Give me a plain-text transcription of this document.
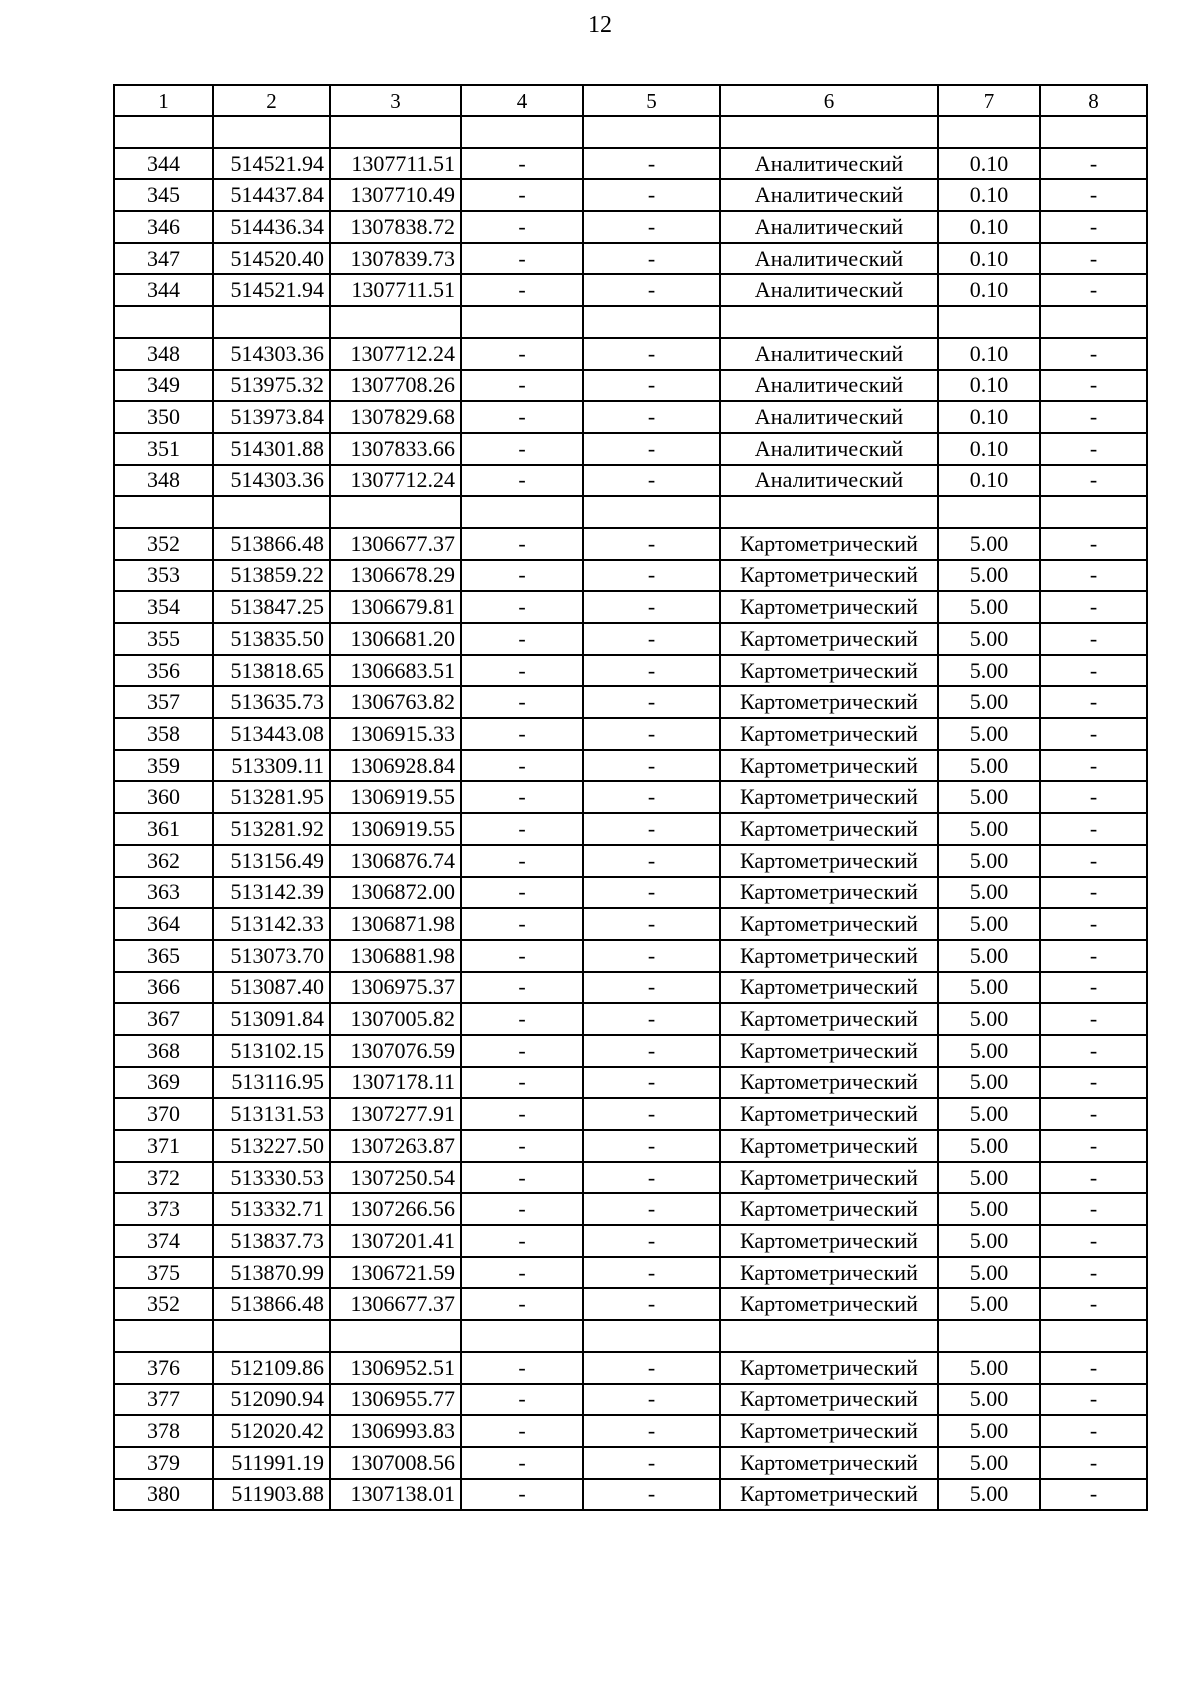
12
1	2	3	4	5	6	7	8

344	514521.94	1307711.51	-	-	Аналитический	0.10	-
345	514437.84	1307710.49	-	-	Аналитический	0.10	-
346	514436.34	1307838.72	-	-	Аналитический	0.10	-
347	514520.40	1307839.73	-	-	Аналитический	0.10	-
344	514521.94	1307711.51	-	-	Аналитический	0.10	-

348	514303.36	1307712.24	-	-	Аналитический	0.10	-
349	513975.32	1307708.26	-	-	Аналитический	0.10	-
350	513973.84	1307829.68	-	-	Аналитический	0.10	-
351	514301.88	1307833.66	-	-	Аналитический	0.10	-
348	514303.36	1307712.24	-	-	Аналитический	0.10	-

352	513866.48	1306677.37	-	-	Картометрический	5.00	-
353	513859.22	1306678.29	-	-	Картометрический	5.00	-
354	513847.25	1306679.81	-	-	Картометрический	5.00	-
355	513835.50	1306681.20	-	-	Картометрический	5.00	-
356	513818.65	1306683.51	-	-	Картометрический	5.00	-
357	513635.73	1306763.82	-	-	Картометрический	5.00	-
358	513443.08	1306915.33	-	-	Картометрический	5.00	-
359	513309.11	1306928.84	-	-	Картометрический	5.00	-
360	513281.95	1306919.55	-	-	Картометрический	5.00	-
361	513281.92	1306919.55	-	-	Картометрический	5.00	-
362	513156.49	1306876.74	-	-	Картометрический	5.00	-
363	513142.39	1306872.00	-	-	Картометрический	5.00	-
364	513142.33	1306871.98	-	-	Картометрический	5.00	-
365	513073.70	1306881.98	-	-	Картометрический	5.00	-
366	513087.40	1306975.37	-	-	Картометрический	5.00	-
367	513091.84	1307005.82	-	-	Картометрический	5.00	-
368	513102.15	1307076.59	-	-	Картометрический	5.00	-
369	513116.95	1307178.11	-	-	Картометрический	5.00	-
370	513131.53	1307277.91	-	-	Картометрический	5.00	-
371	513227.50	1307263.87	-	-	Картометрический	5.00	-
372	513330.53	1307250.54	-	-	Картометрический	5.00	-
373	513332.71	1307266.56	-	-	Картометрический	5.00	-
374	513837.73	1307201.41	-	-	Картометрический	5.00	-
375	513870.99	1306721.59	-	-	Картометрический	5.00	-
352	513866.48	1306677.37	-	-	Картометрический	5.00	-

376	512109.86	1306952.51	-	-	Картометрический	5.00	-
377	512090.94	1306955.77	-	-	Картометрический	5.00	-
378	512020.42	1306993.83	-	-	Картометрический	5.00	-
379	511991.19	1307008.56	-	-	Картометрический	5.00	-
380	511903.88	1307138.01	-	-	Картометрический	5.00	-
